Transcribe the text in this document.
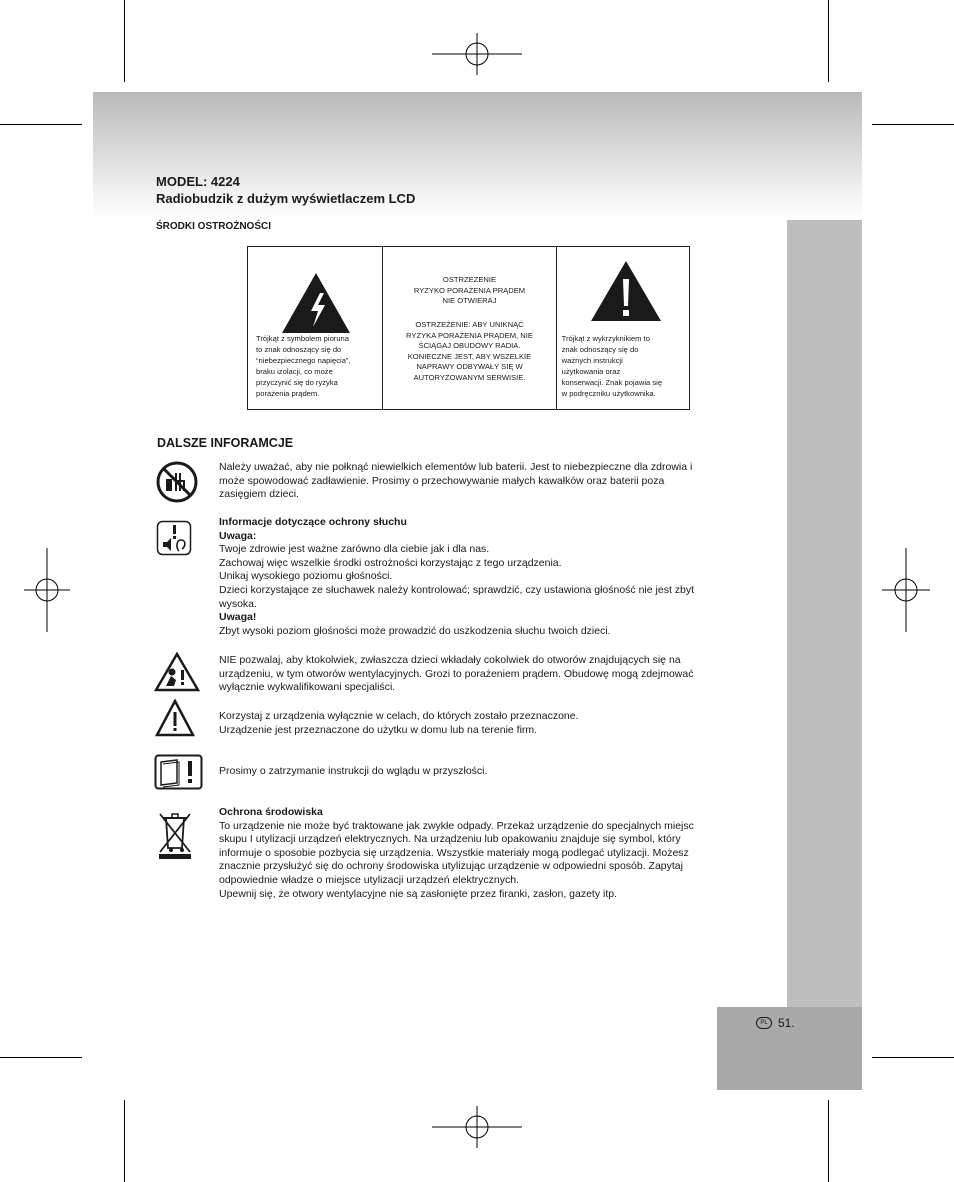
PL 51.
MODEL: 4224
Radiobudzik z dużym wyświetlaczem LCD
ŚRODKI OSTROŻNOŚCI
Trójkąt z symbolem pioruna
to znak odnoszący się do
“niebezpiecznego napięcia”,
braku izolacji, co może
przyczynić się do ryzyka
porażenia prądem.
OSTRZEZENIE
RYZYKO PORAŻENIA PRĄDEM
NIE OTWIERAJ
OSTRZEŻENIE: ABY UNIKNĄĆ
RYZYKA PORAŻENIA PRĄDEM, NIE
ŚCIĄGAJ OBUDOWY RADIA.
KONIECZNE JEST, ABY WSZELKIE
NAPRAWY ODBYWAŁY SIĘ W
AUTORYZOWANYM SERWISIE.
Trójkąt z wykrzyknikiem to
znak odnoszący się do
ważnych instrukcji
użytkowania oraz
konserwacji. Znak pojawia się
w podręczniku użytkownika.
DALSZE INFORAMCJE
Należy uważać, aby nie połknąć niewielkich elementów lub baterii. Jest to niebezpieczne dla zdrowia i
może spowodować zadławienie. Prosimy o przechowywanie małych kawałków oraz baterii poza
zasięgiem dzieci.
Informacje dotyczące ochrony słuchu
Uwaga:
Twoje zdrowie jest ważne zarówno dla ciebie jak i dla nas.
Zachowaj więc wszelkie środki ostrożności korzystając z tego urządzenia.
Unikaj wysokiego poziomu głośności.
Dzieci korzystające ze słuchawek należy kontrolować; sprawdzić, czy ustawiona głośność nie jest zbyt
wysoka.
Uwaga!
Zbyt wysoki poziom głośności może prowadzić do uszkodzenia słuchu twoich dzieci.
NIE pozwalaj, aby ktokolwiek, zwłaszcza dzieci wkładały cokolwiek do otworów znajdujących się na
urządzeniu, w tym otworów wentylacyjnych. Grozi to porażeniem prądem. Obudowę mogą zdejmować
wyłącznie wykwalifikowani specjaliści.
Korzystaj z urządzenia wyłącznie w celach, do których zostało przeznaczone.
Urządzenie jest przeznaczone do użytku w domu lub na terenie firm.
Prosimy o zatrzymanie instrukcji do wglądu w przyszłości.
Ochrona środowiska
To urządzenie nie może być traktowane jak zwykłe odpady. Przekaż urządzenie do specjalnych miejsc
skupu I utylizacji urządzeń elektrycznych. Na urządzeniu lub opakowaniu znajduje się symbol, który
informuje o sposobie pozbycia się urządzenia. Wszystkie materiały mogą podlegać utylizacji. Możesz
znacznie przysłużyć się do ochrony środowiska utylizując urządzenie w odpowiedni sposób. Zapytaj
odpowiednie władze o miejsce utylizacji urządzeń elektrycznych.
Upewnij się, że otwory wentylacyjne nie są zasłonięte przez firanki, zasłon, gazety itp.
